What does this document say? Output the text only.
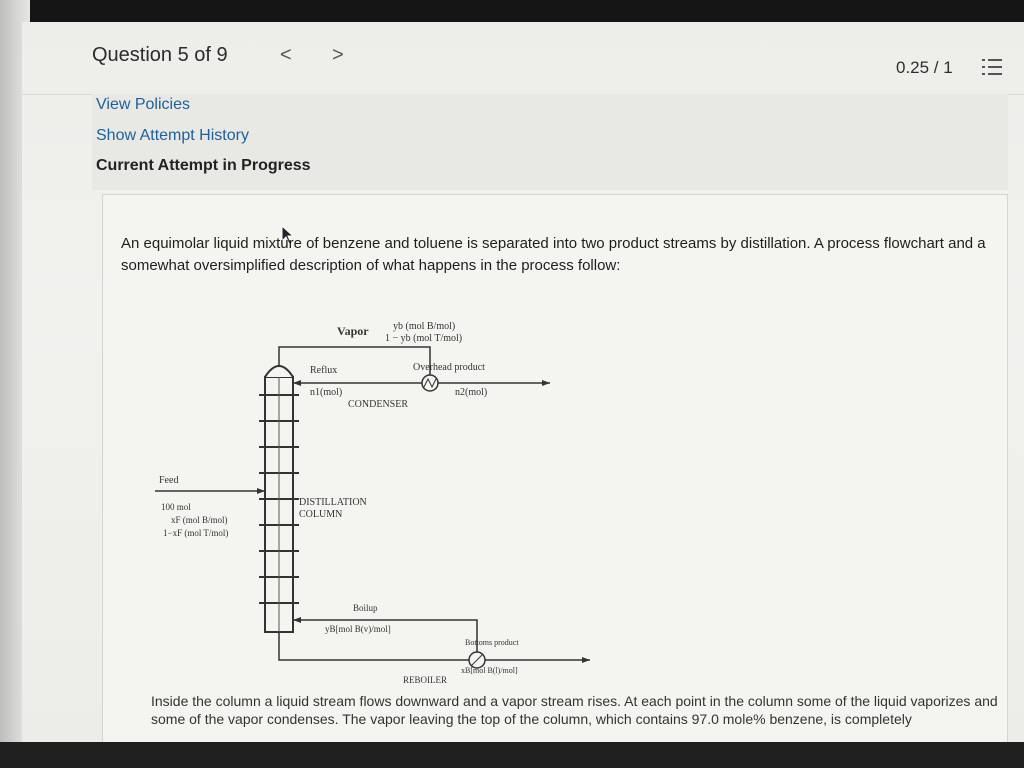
Question 5 of 9	< >
0.25 / 1
View Policies
Show Attempt History
Current Attempt in Progress
An equimolar liquid mixture of benzene and toluene is separated into two product streams by distillation. A process flowchart and a somewhat oversimplified description of what happens in the process follow:
Vapor yb (mol B/mol)
1 − yb (mol T/mol)
Reflux
n1(mol)
Overhead product
n2(mol)
CONDENSER
Feed
100 mol
xF (mol B/mol)
1−xF (mol T/mol)
DISTILLATION
COLUMN
Boilup
yB[mol B(v)/mol]
Bottoms product
xB[mol B(l)/mol]
REBOILER
Inside the column a liquid stream flows downward and a vapor stream rises. At each point in the column some of the liquid vaporizes and some of the vapor condenses. The vapor leaving the top of the column, which contains 97.0 mole% benzene, is completely
